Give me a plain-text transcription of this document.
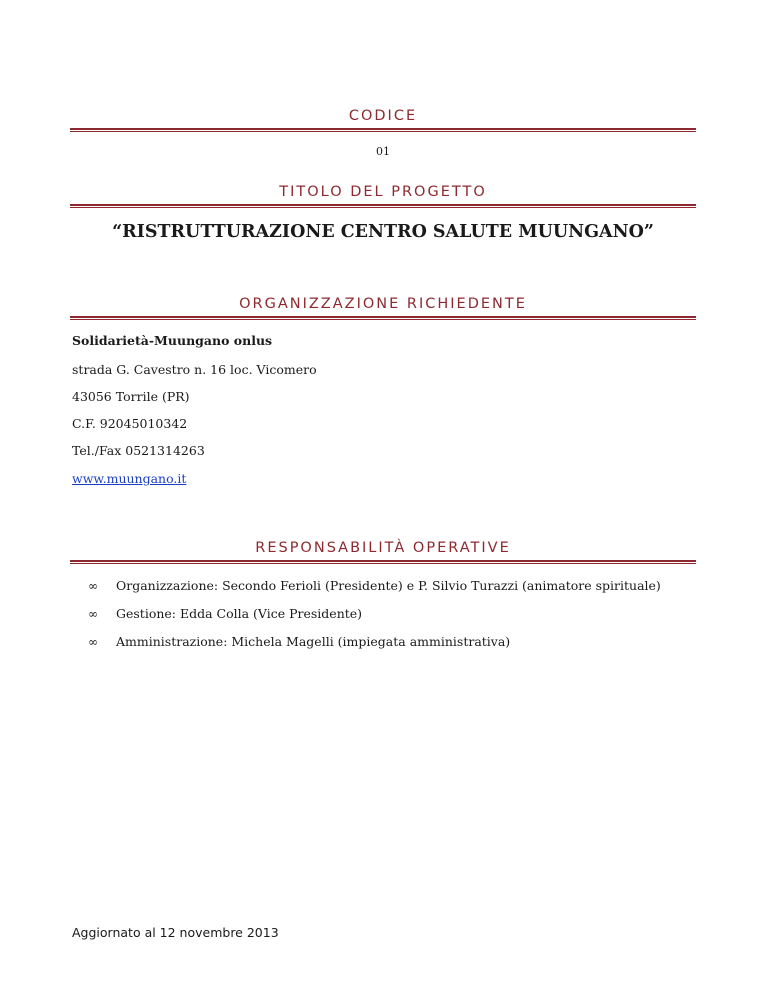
CODICE
01
TITOLO DEL PROGETTO
“RISTRUTTURAZIONE CENTRO SALUTE MUUNGANO”
ORGANIZZAZIONE RICHIEDENTE
Solidarietà-Muungano onlus
strada G. Cavestro n. 16 loc. Vicomero
43056 Torrile (PR)
C.F. 92045010342
Tel./Fax 0521314263
www.muungano.it
RESPONSABILITÀ OPERATIVE
∞ Organizzazione: Secondo Ferioli (Presidente) e P. Silvio Turazzi (animatore spirituale)
∞ Gestione: Edda Colla (Vice Presidente)
∞ Amministrazione: Michela Magelli (impiegata amministrativa)
Aggiornato al 12 novembre 2013
